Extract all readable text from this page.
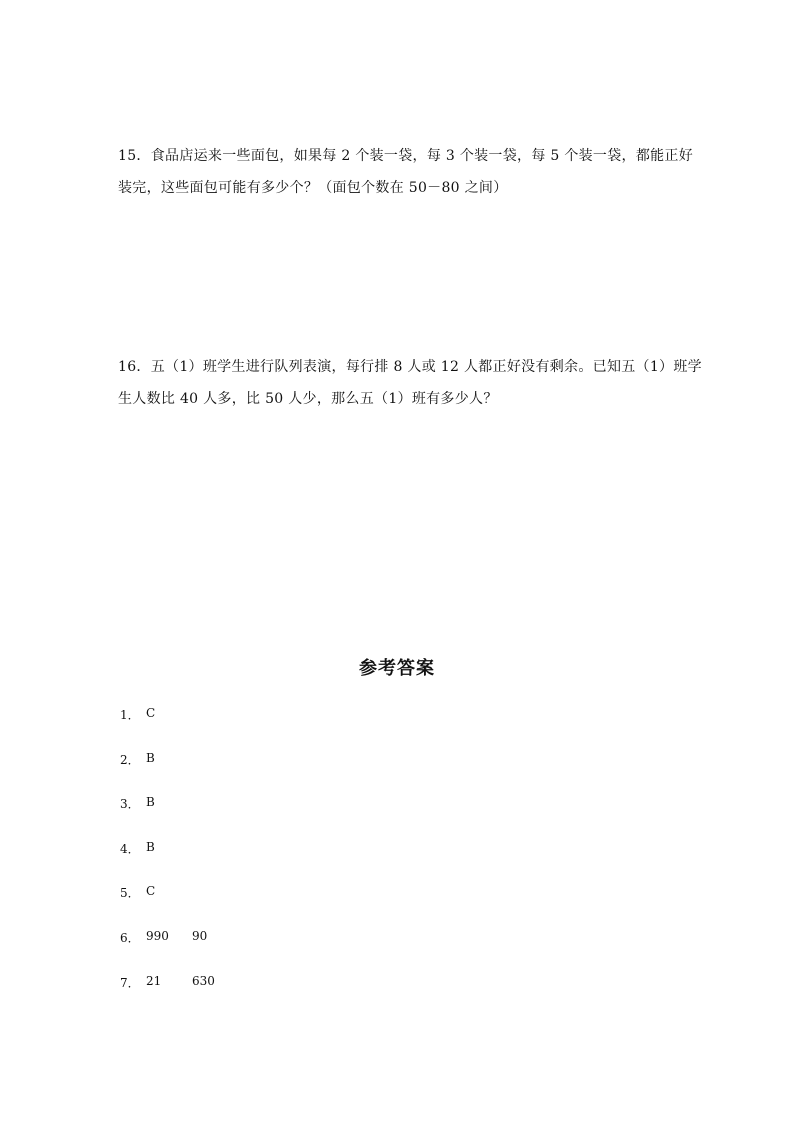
15．食品店运来一些面包，如果每 2 个装一袋，每 3 个装一袋，每 5 个装一袋，都能正好

装完，这些面包可能有多少个？（面包个数在 50－80 之间）

16．五（1）班学生进行队列表演，每行排 8 人或 12 人都正好没有剩余。已知五（1）班学

生人数比 40 人多，比 50 人少，那么五（1）班有多少人？

参考答案
1． C
2． B
3． B
4． B
5． C
6． 990	90
7． 21	630
